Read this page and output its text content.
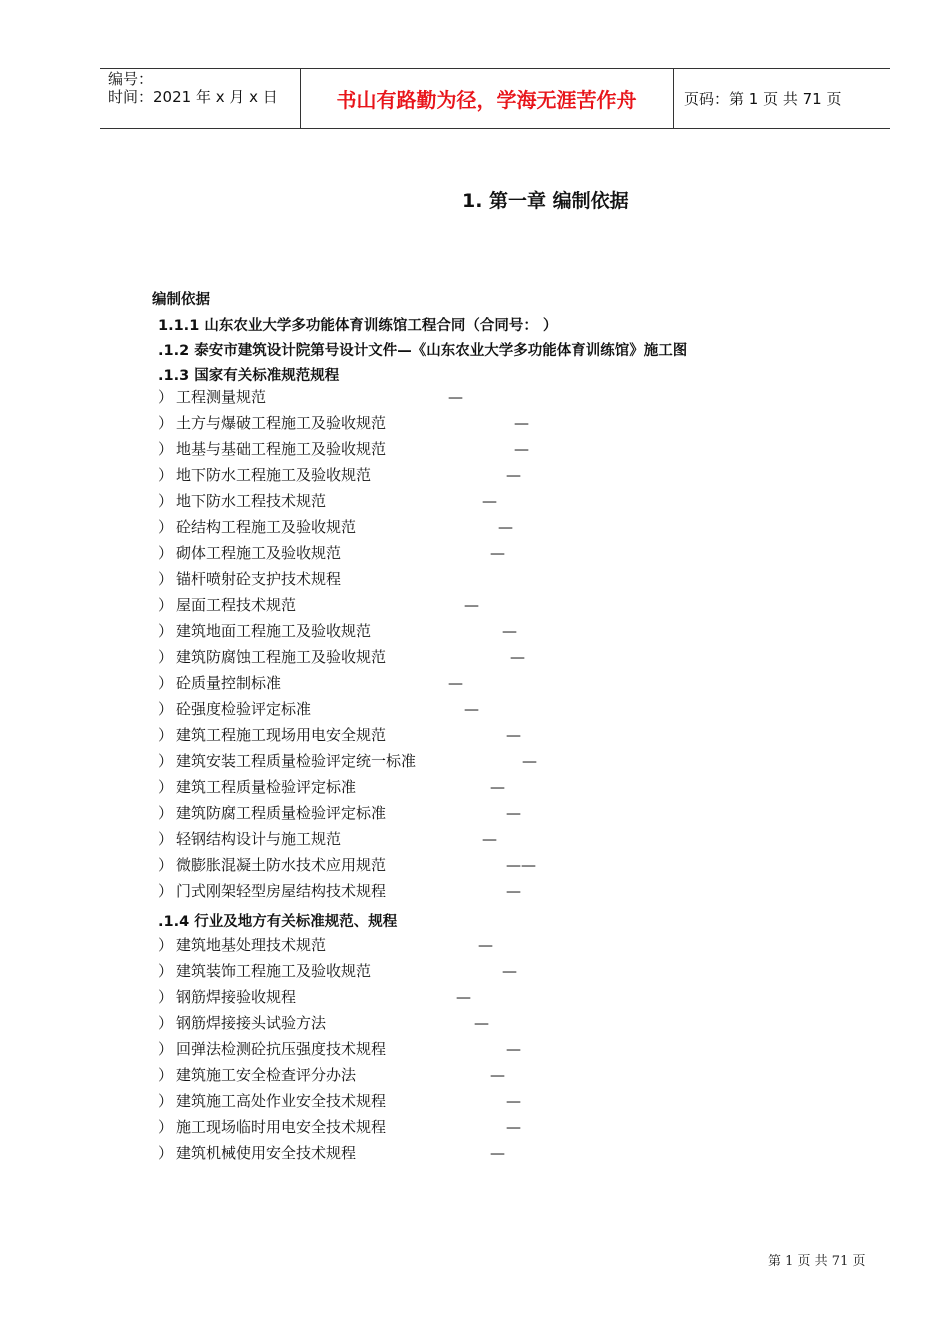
编号：
时间：2021 年 x 月 x 日	书山有路勤为径，学海无涯苦作舟	页码：第 1 页 共 71 页
1. 第一章 编制依据
编制依据
1.1.1 山东农业大学多功能体育训练馆工程合同（合同号： ）
.1.2 泰安市建筑设计院第号设计文件—《山东农业大学多功能体育训练馆》施工图
.1.3 国家有关标准规范规程
） 工程测量规范	—
） 土方与爆破工程施工及验收规范	—
） 地基与基础工程施工及验收规范	—
） 地下防水工程施工及验收规范	—
） 地下防水工程技术规范	—
） 砼结构工程施工及验收规范	—
） 砌体工程施工及验收规范	—
） 锚杆喷射砼支护技术规程
） 屋面工程技术规范	—
） 建筑地面工程施工及验收规范	—
） 建筑防腐蚀工程施工及验收规范	—
） 砼质量控制标准	—
） 砼强度检验评定标准	—
） 建筑工程施工现场用电安全规范	—
） 建筑安装工程质量检验评定统一标准	—
） 建筑工程质量检验评定标准	—
） 建筑防腐工程质量检验评定标准	—
） 轻钢结构设计与施工规范	—
） 微膨胀混凝土防水技术应用规范	——
） 门式刚架轻型房屋结构技术规程	—
.1.4 行业及地方有关标准规范、规程
） 建筑地基处理技术规范	—
） 建筑装饰工程施工及验收规范	—
） 钢筋焊接验收规程	—
） 钢筋焊接接头试验方法	—
） 回弹法检测砼抗压强度技术规程	—
） 建筑施工安全检查评分办法	—
） 建筑施工高处作业安全技术规程	—
） 施工现场临时用电安全技术规程	—
） 建筑机械使用安全技术规程	—
第 1 页 共 71 页
